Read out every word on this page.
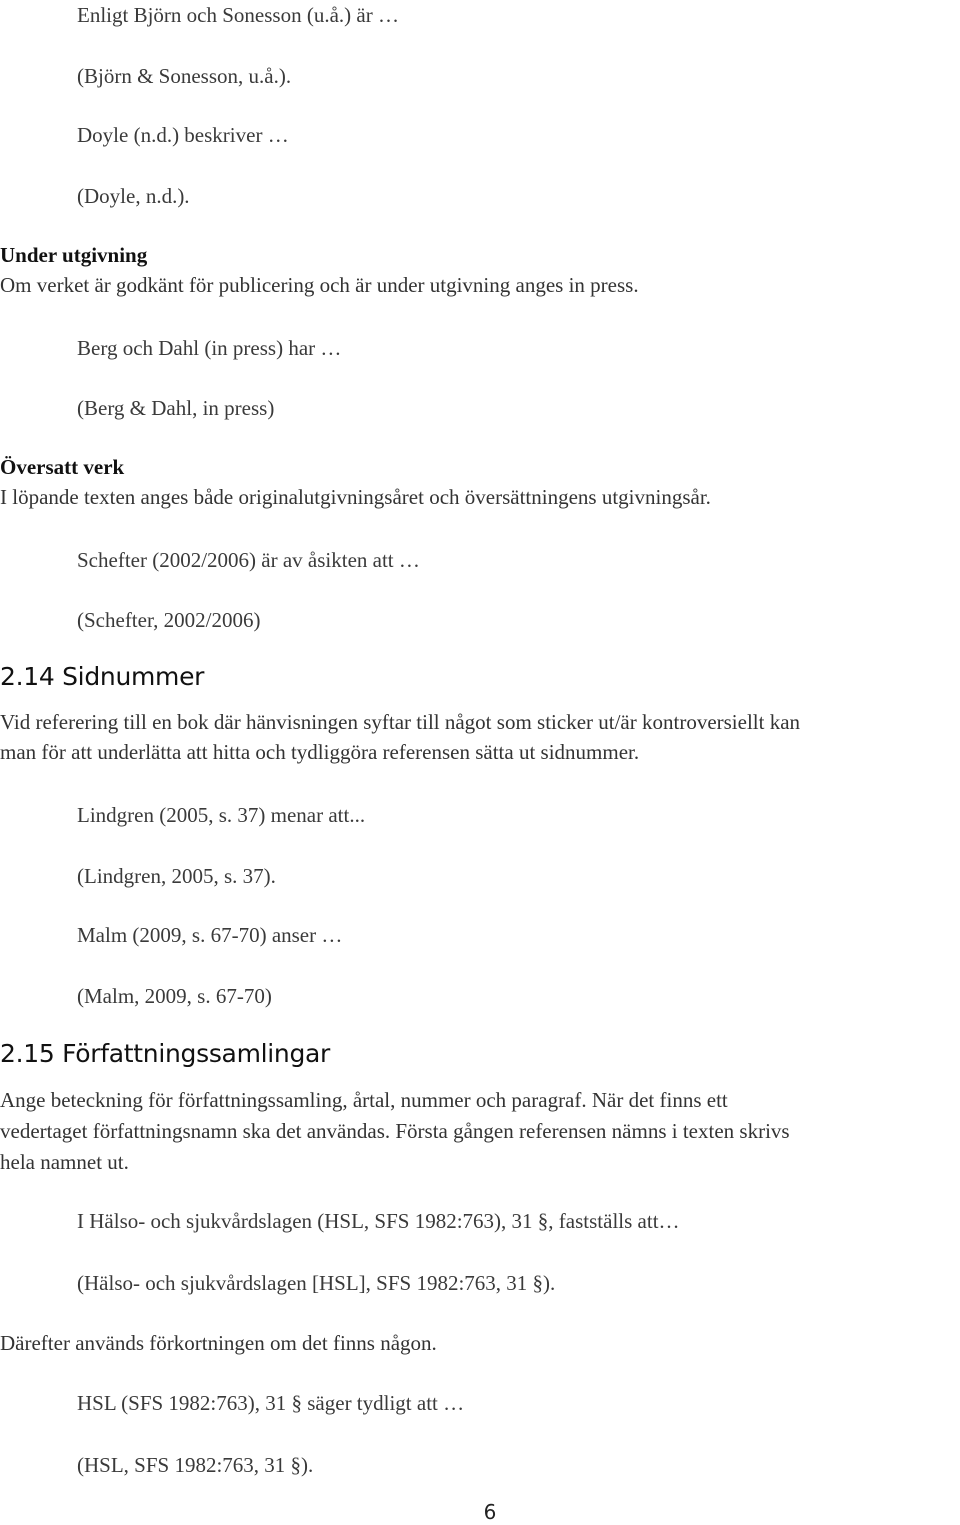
Enligt Björn och Sonesson (u.å.) är …
(Björn & Sonesson, u.å.).
Doyle (n.d.) beskriver …
(Doyle, n.d.).
Under utgivning
Om verket är godkänt för publicering och är under utgivning anges in press.
Berg och Dahl (in press) har …
(Berg & Dahl, in press)
Översatt verk
I löpande texten anges både originalutgivningsåret och översättningens utgivningsår.
Schefter (2002/2006) är av åsikten att …
(Schefter, 2002/2006)
2.14 Sidnummer
Vid referering till en bok där hänvisningen syftar till något som sticker ut/är kontroversiellt kan
man för att underlätta att hitta och tydliggöra referensen sätta ut sidnummer.
Lindgren (2005, s. 37) menar att...
(Lindgren, 2005, s. 37).
Malm (2009, s. 67-70) anser …
(Malm, 2009, s. 67-70)
2.15 Författningssamlingar
Ange beteckning för författningssamling, årtal, nummer och paragraf. När det finns ett
vedertaget författningsnamn ska det användas. Första gången referensen nämns i texten skrivs
hela namnet ut.
I Hälso- och sjukvårdslagen (HSL, SFS 1982:763), 31 §, fastställs att…
(Hälso- och sjukvårdslagen [HSL], SFS 1982:763, 31 §).
Därefter används förkortningen om det finns någon.
HSL (SFS 1982:763), 31 § säger tydligt att …
(HSL, SFS 1982:763, 31 §).
6
